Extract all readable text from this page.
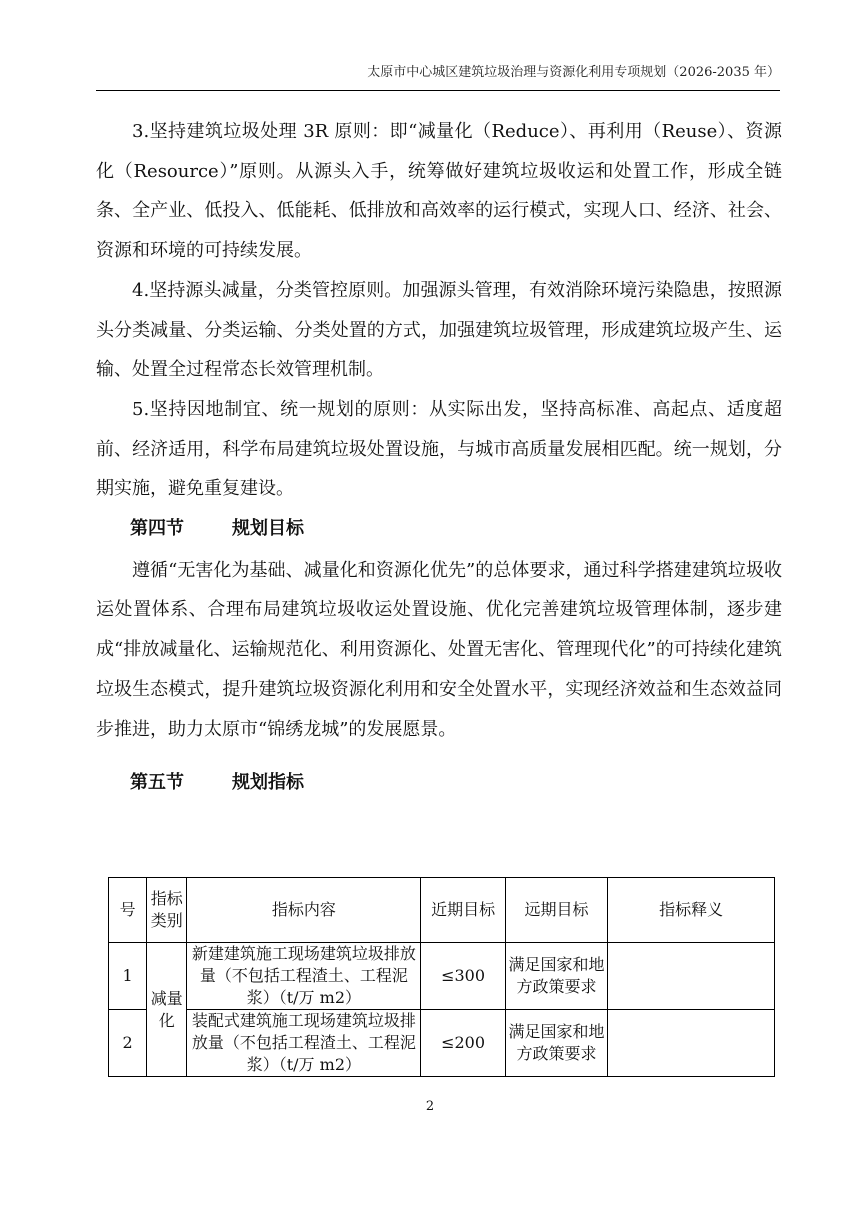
太原市中心城区建筑垃圾治理与资源化利用专项规划（2026-2035 年）

3.坚持建筑垃圾处理 3R 原则：即“减量化（Reduce）、再利用（Reuse）、资源化（Resource）”原则。从源头入手，统筹做好建筑垃圾收运和处置工作，形成全链条、全产业、低投入、低能耗、低排放和高效率的运行模式，实现人口、经济、社会、资源和环境的可持续发展。

4.坚持源头减量，分类管控原则。加强源头管理，有效消除环境污染隐患，按照源头分类减量、分类运输、分类处置的方式，加强建筑垃圾管理，形成建筑垃圾产生、运输、处置全过程常态长效管理机制。

5.坚持因地制宜、统一规划的原则：从实际出发，坚持高标准、高起点、适度超前、经济适用，科学布局建筑垃圾处置设施，与城市高质量发展相匹配。统一规划，分期实施，避免重复建设。

第四节	规划目标

遵循“无害化为基础、减量化和资源化优先”的总体要求，通过科学搭建建筑垃圾收运处置体系、合理布局建筑垃圾收运处置设施、优化完善建筑垃圾管理体制，逐步建成“排放减量化、运输规范化、利用资源化、处置无害化、管理现代化”的可持续化建筑垃圾生态模式，提升建筑垃圾资源化利用和安全处置水平，实现经济效益和生态效益同步推进，助力太原市“锦绣龙城”的发展愿景。

第五节	规划指标

号	指标类别	指标内容	近期目标	远期目标	指标释义
1	减量化	新建建筑施工现场建筑垃圾排放量（不包括工程渣土、工程泥浆）（t/万 m2）	≤300	满足国家和地方政策要求	
2		装配式建筑施工现场建筑垃圾排放量（不包括工程渣土、工程泥浆）（t/万 m2）	≤200	满足国家和地方政策要求	
2
